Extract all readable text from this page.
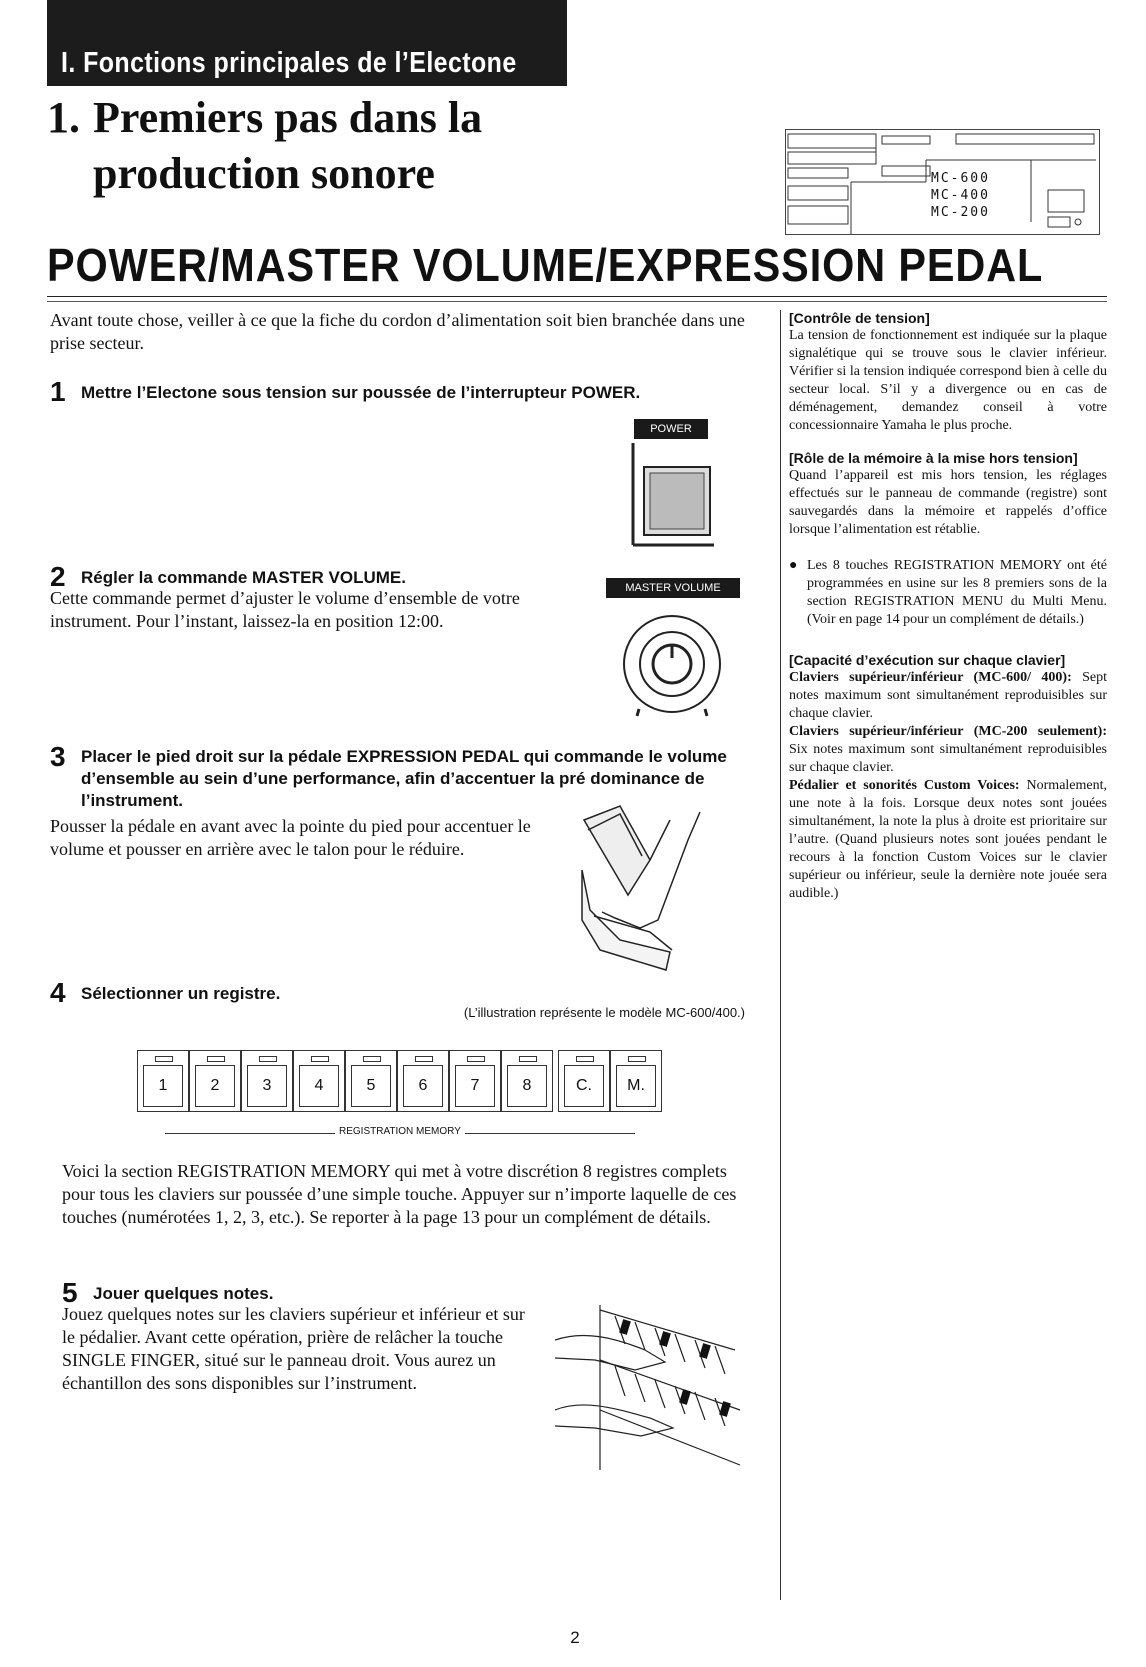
I. Fonctions principales de l’Electone
1. Premiers pas dans la
production sonore	MC-600
MC-400
MC-200
POWER/MASTER VOLUME/EXPRESSION PEDAL
Avant toute chose, veiller à ce que la fiche du cordon d’alimentation soit bien branchée dans une prise secteur.
1 Mettre l’Electone sous tension sur poussée de l’interrupteur POWER.
POWER
2 Régler la commande MASTER VOLUME.
Cette commande permet d’ajuster le volume d’ensemble de votre instrument. Pour l’instant, laissez-la en position 12:00.
MASTER VOLUME
3 Placer le pied droit sur la pédale EXPRESSION PEDAL qui commande le volume d’ensemble au sein d’une performance, afin d’accentuer la pré dominance de l’instrument.
Pousser la pédale en avant avec la pointe du pied pour accentuer le volume et pousser en arrière avec le talon pour le réduire.
4 Sélectionner un registre.
(L’illustration représente le modèle MC-600/400.)
1	2	3	4	5	6	7	8	C.	M.
REGISTRATION MEMORY
Voici la section REGISTRATION MEMORY qui met à votre discrétion 8 registres complets pour tous les claviers sur poussée d’une simple touche. Appuyer sur n’importe laquelle de ces touches (numérotées 1, 2, 3, etc.). Se reporter à la page 13 pour un complément de détails.
5 Jouer quelques notes.
Jouez quelques notes sur les claviers supérieur et inférieur et sur le pédalier. Avant cette opération, prière de relâcher la touche SINGLE FINGER, situé sur le panneau droit. Vous aurez un échantillon des sons disponibles sur l’instrument.
[Contrôle de tension]
La tension de fonctionnement est indiquée sur la plaque signalétique qui se trouve sous le clavier inférieur. Vérifier si la tension indiquée correspond bien à celle du secteur local. S’il y a divergence ou en cas de déménagement, demandez conseil à votre concessionnaire Yamaha le plus proche.
[Rôle de la mémoire à la mise hors tension]
Quand l’appareil est mis hors tension, les réglages effectués sur le panneau de commande (registre) sont sauvegardés dans la mémoire et rappelés d’office lorsque l’alimentation est rétablie.
● Les 8 touches REGISTRATION MEMORY ont été programmées en usine sur les 8 premiers sons de la section REGISTRATION MENU du Multi Menu. (Voir en page 14 pour un complément de détails.)
[Capacité d’exécution sur chaque clavier]
Claviers supérieur/inférieur (MC-600/ 400): Sept notes maximum sont simultanément reproduisibles sur chaque clavier.
Claviers supérieur/inférieur (MC-200 seulement): Six notes maximum sont simultanément reproduisibles sur chaque clavier.
Pédalier et sonorités Custom Voices: Normalement, une note à la fois. Lorsque deux notes sont jouées simultanément, la note la plus à droite est prioritaire sur l’autre. (Quand plusieurs notes sont jouées pendant le recours à la fonction Custom Voices sur le clavier supérieur ou inférieur, seule la dernière note jouée sera audible.)
2
